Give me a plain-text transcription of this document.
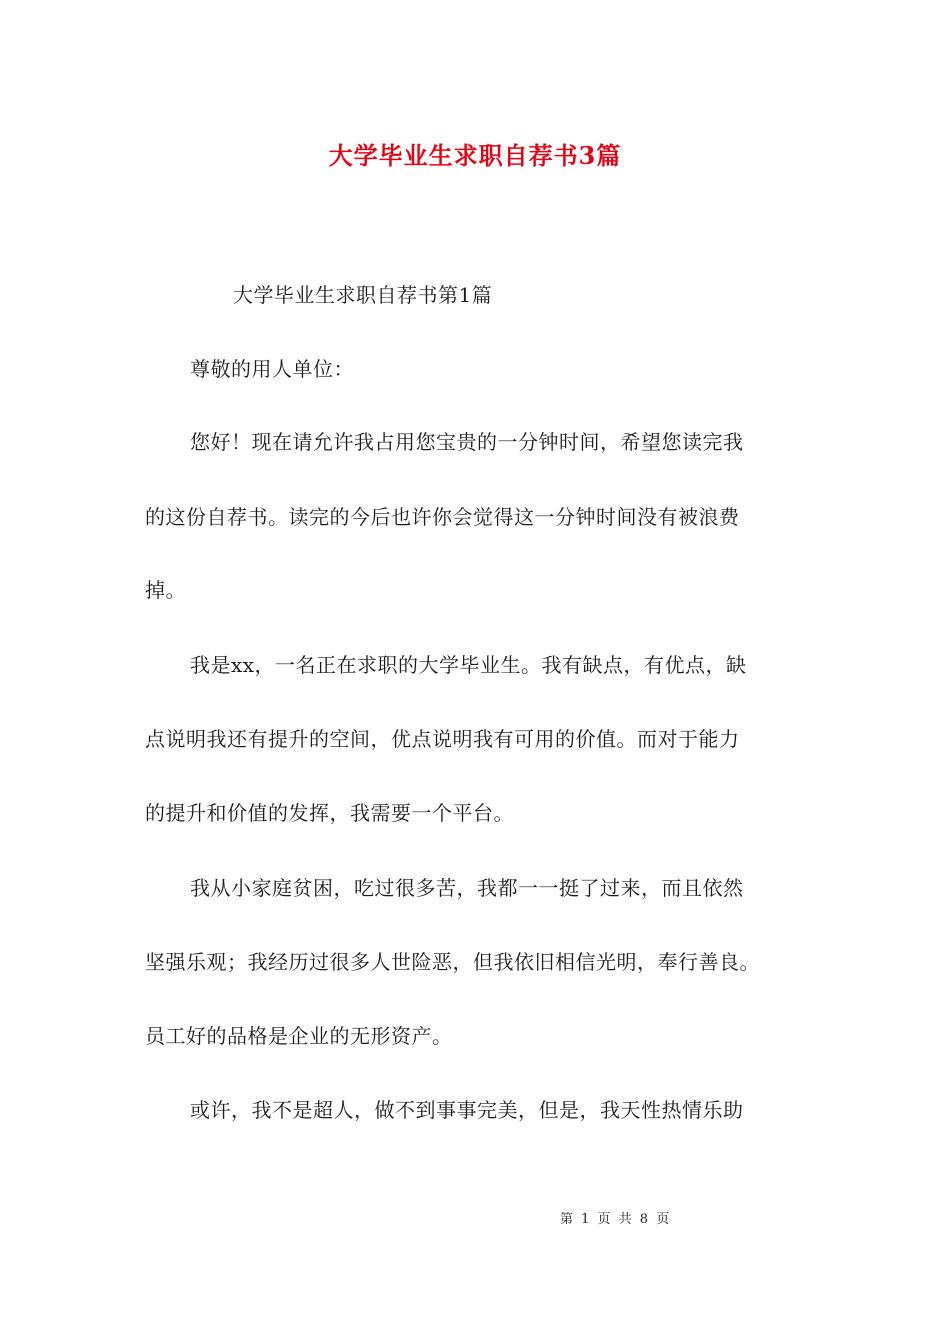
大学毕业生求职自荐书3篇
大学毕业生求职自荐书第1篇
尊敬的用人单位：
您好！现在请允许我占用您宝贵的一分钟时间，希望您读完我
的这份自荐书。读完的今后也许你会觉得这一分钟时间没有被浪费
掉。
我是xx，一名正在求职的大学毕业生。我有缺点，有优点，缺
点说明我还有提升的空间，优点说明我有可用的价值。而对于能力
的提升和价值的发挥，我需要一个平台。
我从小家庭贫困，吃过很多苦，我都一一挺了过来，而且依然
坚强乐观；我经历过很多人世险恶，但我依旧相信光明，奉行善良。
员工好的品格是企业的无形资产。
或许，我不是超人，做不到事事完美，但是，我天性热情乐助
第 1 页 共 8 页
